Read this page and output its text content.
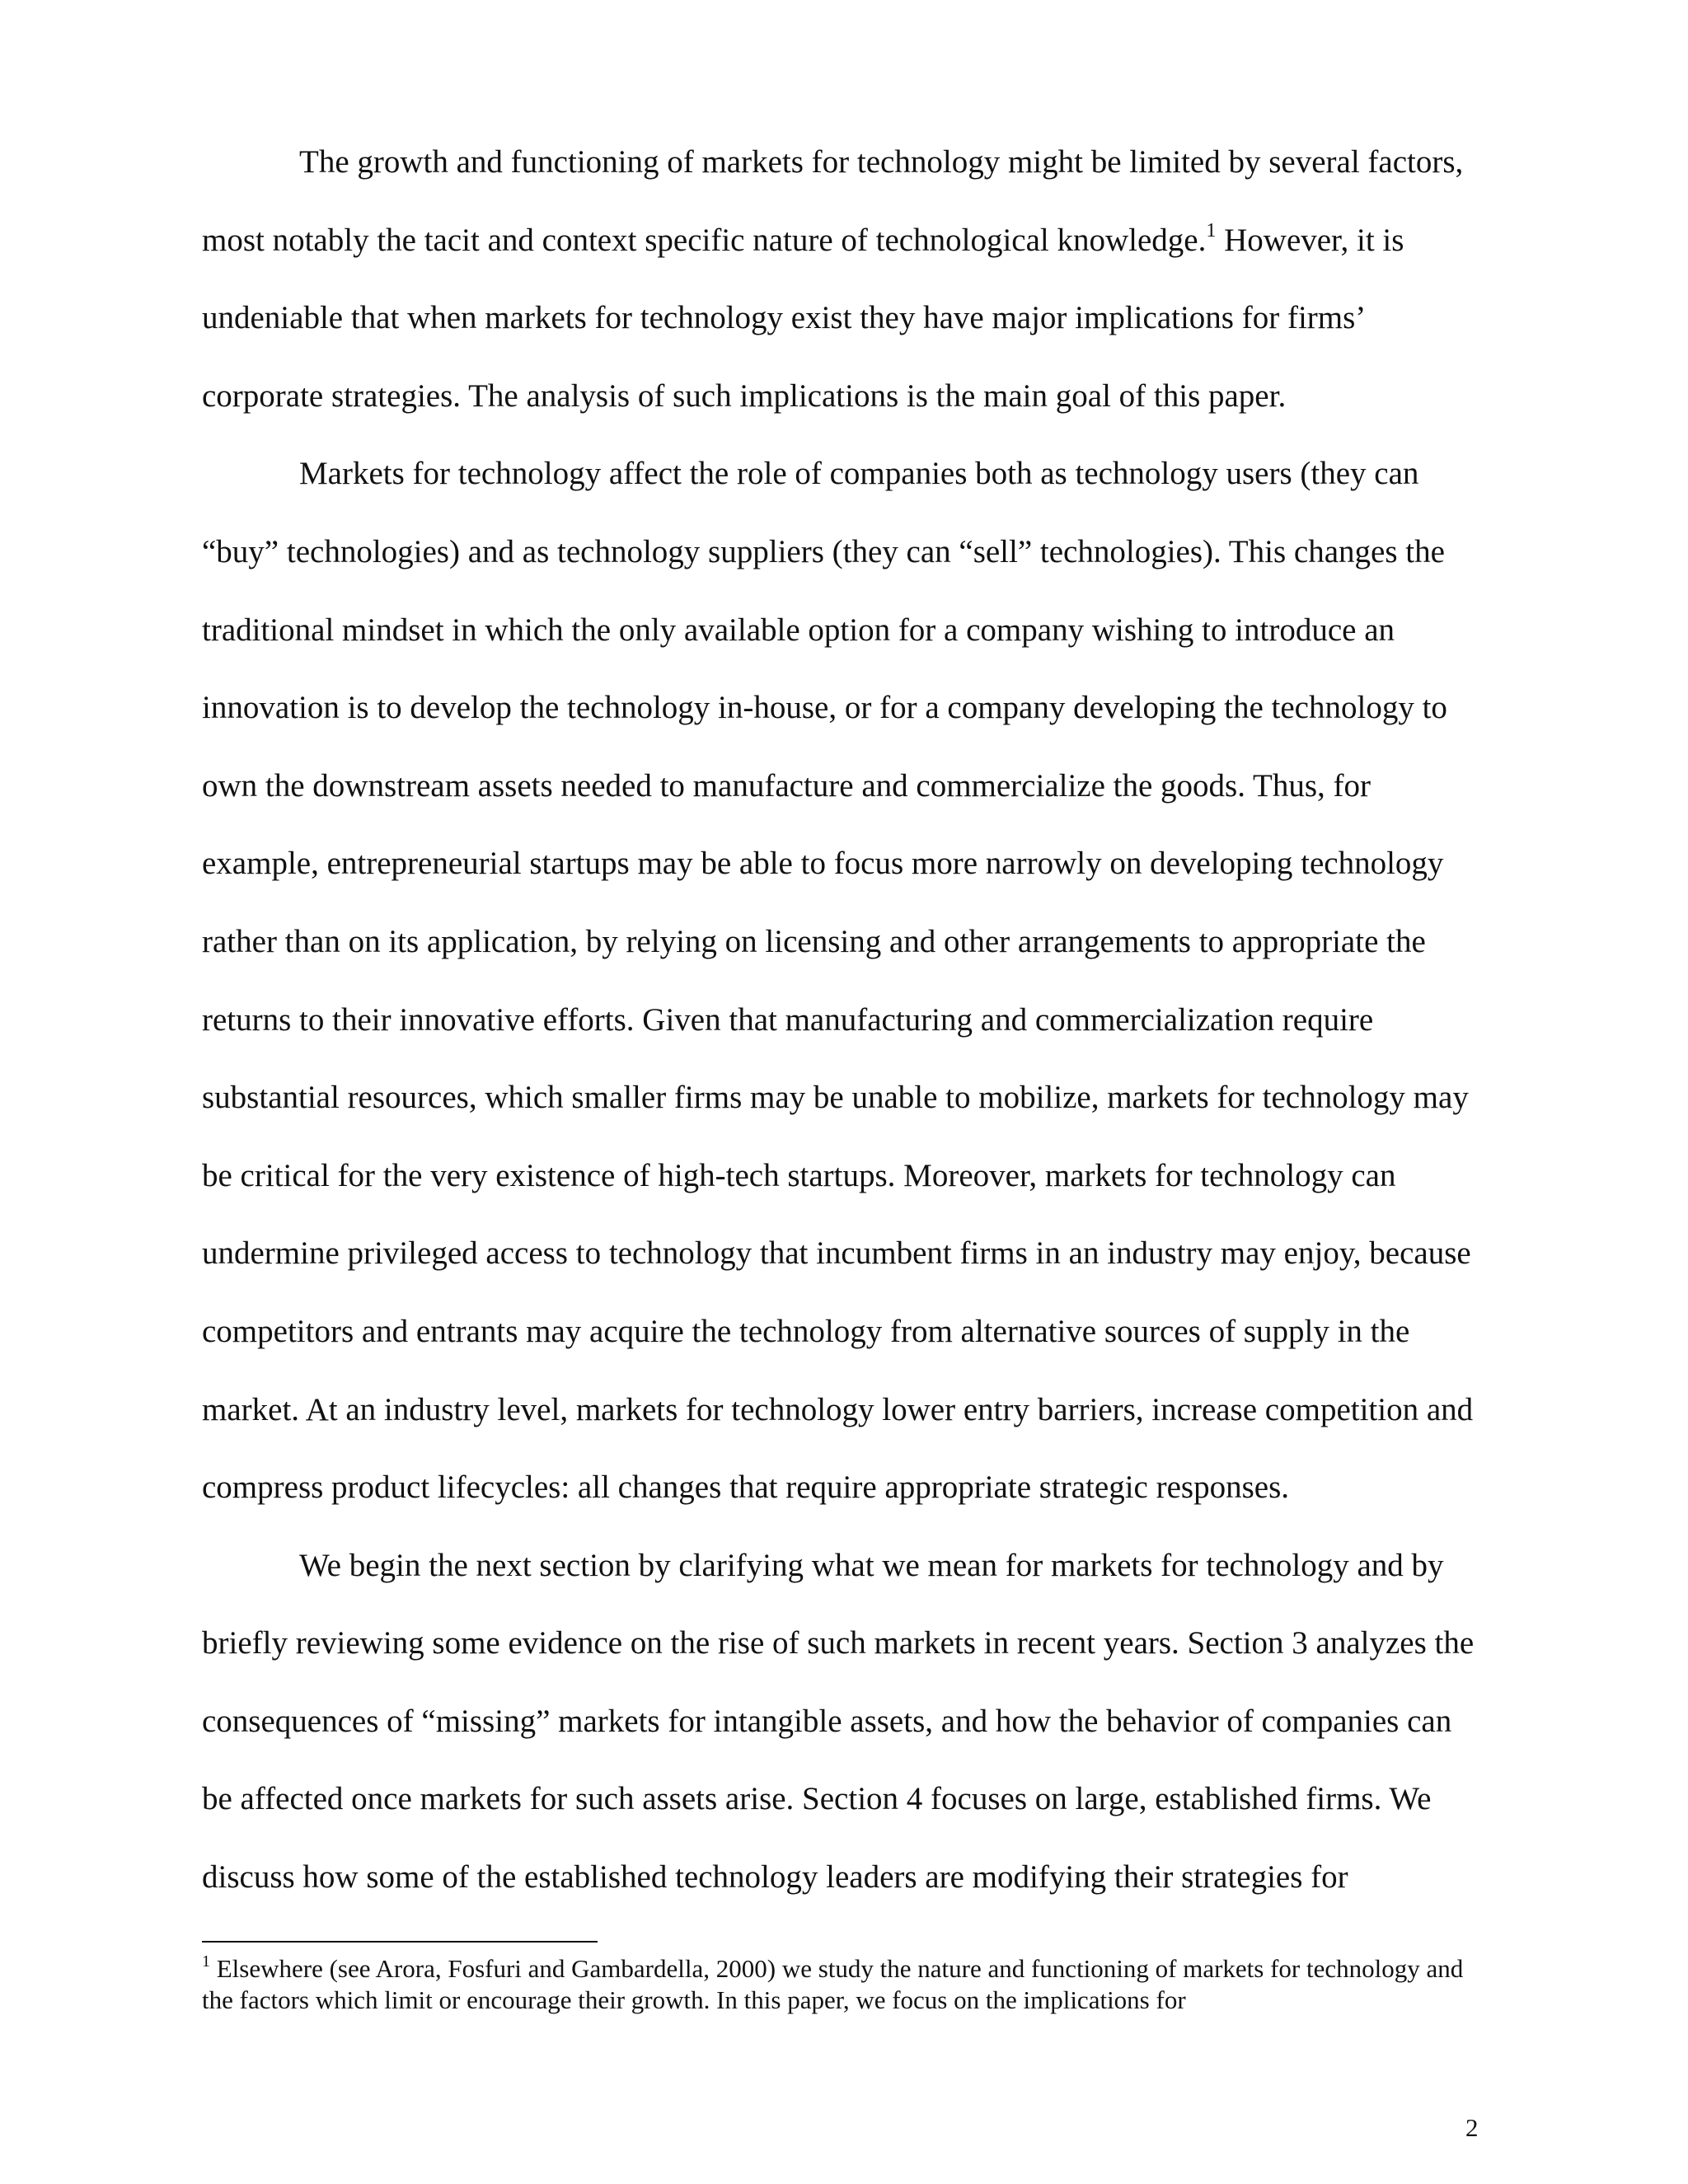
The growth and functioning of markets for technology might be limited by several factors, most notably the tacit and context specific nature of technological knowledge.$^1$ However, it is undeniable that when markets for technology exist they have major implications for firms’ corporate strategies. The analysis of such implications is the main goal of this paper.

Markets for technology affect the role of companies both as technology users (they can “buy” technologies) and as technology suppliers (they can “sell” technologies). This changes the traditional mindset in which the only available option for a company wishing to introduce an innovation is to develop the technology in-house, or for a company developing the technology to own the downstream assets needed to manufacture and commercialize the goods. Thus, for example, entrepreneurial startups may be able to focus more narrowly on developing technology rather than on its application, by relying on licensing and other arrangements to appropriate the returns to their innovative efforts. Given that manufacturing and commercialization require substantial resources, which smaller firms may be unable to mobilize, markets for technology may be critical for the very existence of high-tech startups. Moreover, markets for technology can undermine privileged access to technology that incumbent firms in an industry may enjoy, because competitors and entrants may acquire the technology from alternative sources of supply in the market. At an industry level, markets for technology lower entry barriers, increase competition and compress product lifecycles: all changes that require appropriate strategic responses.

We begin the next section by clarifying what we mean for markets for technology and by briefly reviewing some evidence on the rise of such markets in recent years. Section 3 analyzes the consequences of “missing” markets for intangible assets, and how the behavior of companies can be affected once markets for such assets arise. Section 4 focuses on large, established firms. We discuss how some of the established technology leaders are modifying their strategies for

$^1$ Elsewhere (see Arora, Fosfuri and Gambardella, 2000) we study the nature and functioning of markets for technology and the factors which limit or encourage their growth. In this paper, we focus on the implications for
2
